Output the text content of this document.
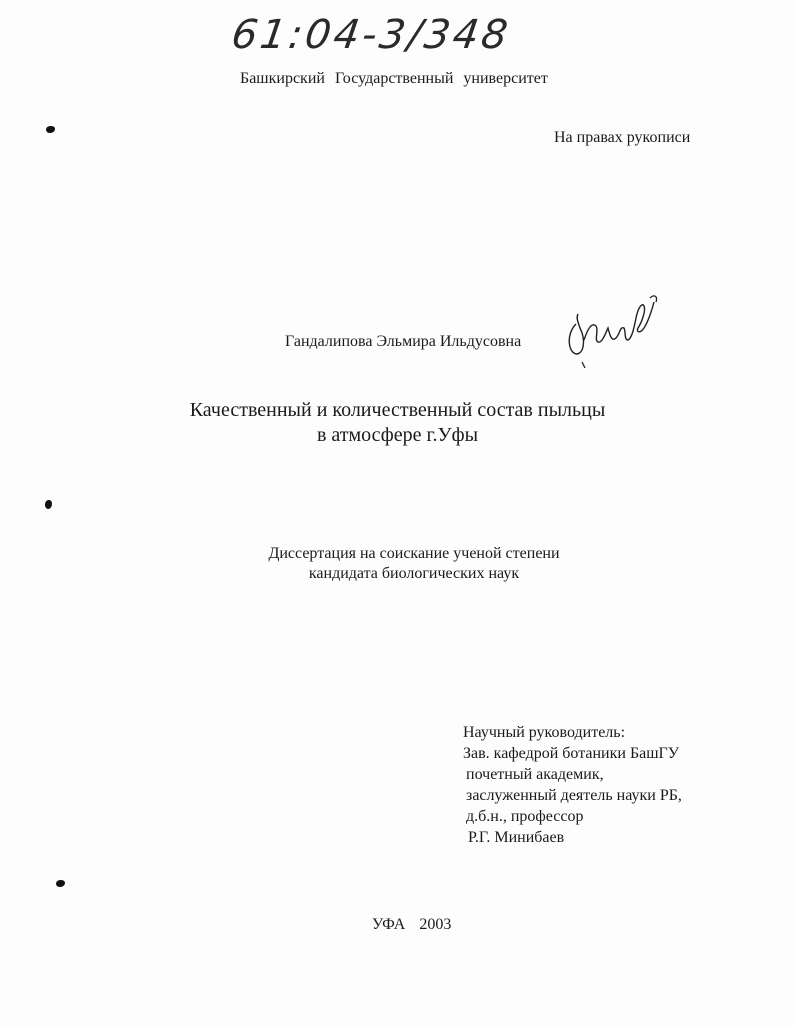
61:04-3/348
Башкирский Государственный университет
На правах рукописи
Гандалипова Эльмира Ильдусовна
Качественный и количественный состав пыльцы
в атмосфере г.Уфы
Диссертация на соискание ученой степени
кандидата биологических наук
Научный руководитель:
Зав. кафедрой ботаники БашГУ
почетный академик,
заслуженный деятель науки РБ,
д.б.н., профессор
Р.Г. Минибаев
УФА 2003
